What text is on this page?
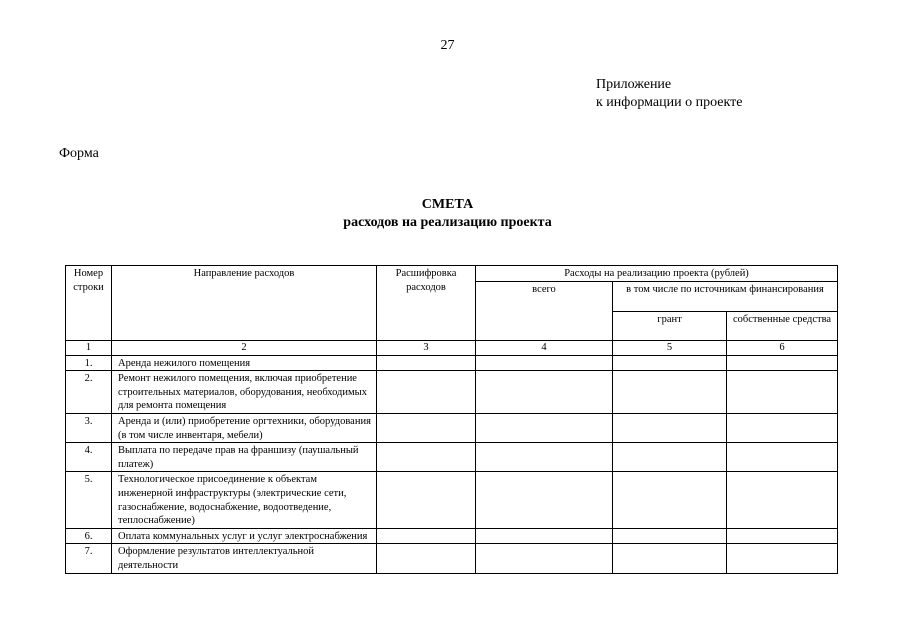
27
Приложение
к информации о проекте
Форма
СМЕТА
расходов на реализацию проекта
Номер строки	Направление расходов	Расшифровка расходов	Расходы на реализацию проекта (рублей)		
			всего	в том числе по источникам финансирования	
				грант	собственные средства
1	2	3	4	5	6
1.	Аренда нежилого помещения				
2.	Ремонт нежилого помещения, включая приобретение строительных материалов, оборудования, необходимых для ремонта помещения				
3.	Аренда и (или) приобретение оргтехники, оборудования (в том числе инвентаря, мебели)				
4.	Выплата по передаче прав на франшизу (паушальный платеж)				
5.	Технологическое присоединение к объектам инженерной инфраструктуры (электрические сети, газоснабжение, водоснабжение, водоотведение, теплоснабжение)				
6.	Оплата коммунальных услуг и услуг электроснабжения				
7.	Оформление результатов интеллектуальной деятельности				
